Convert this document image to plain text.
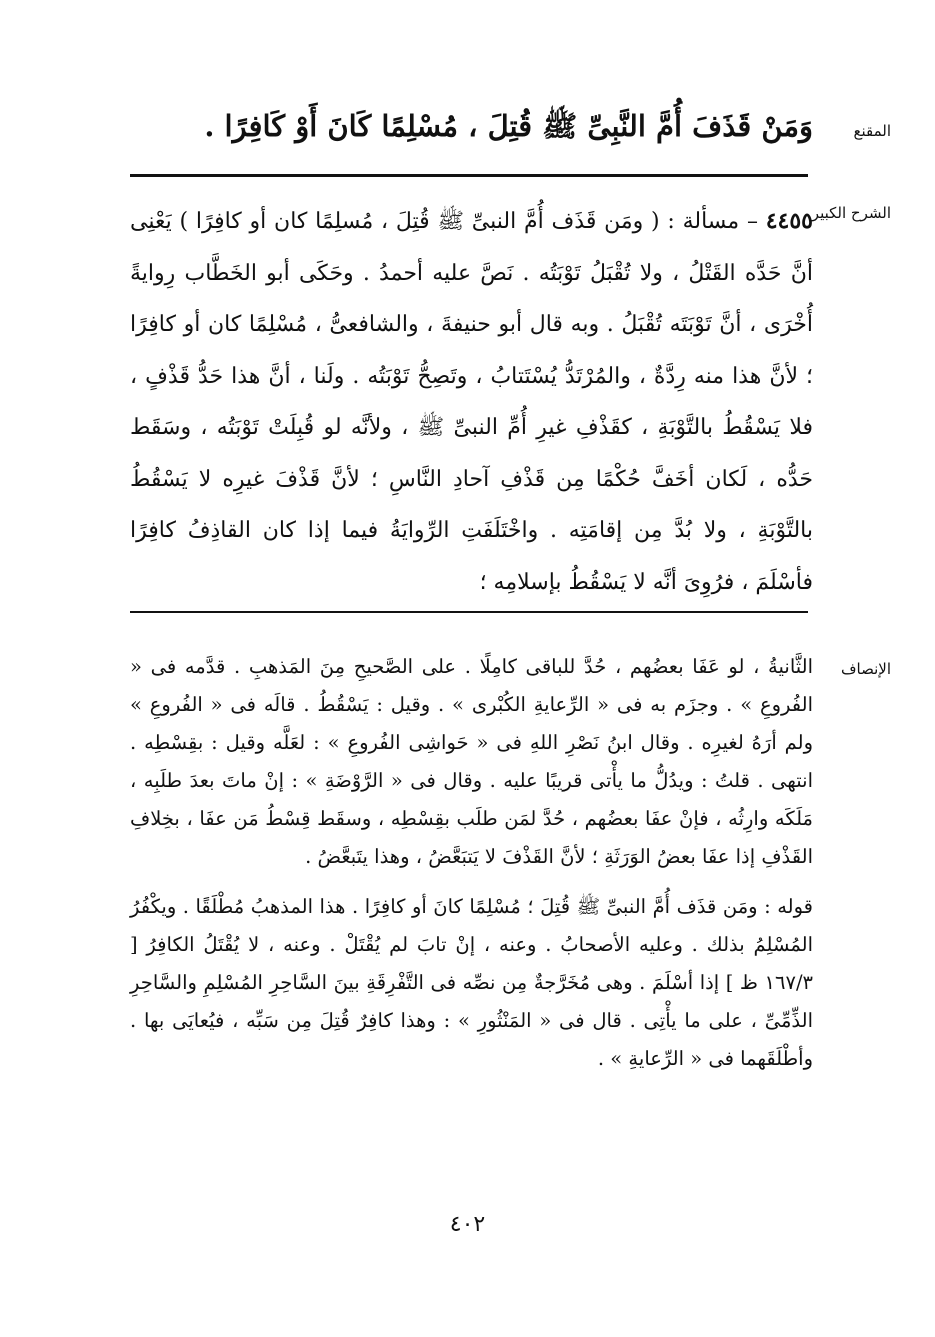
المقنع
وَمَنْ قَذَفَ أُمَّ النَّبِىِّ ﷺ قُتِلَ ، مُسْلِمًا كَانَ أَوْ كَافِرًا .
الشرح الكبير
٤٤٥٥ – مسألة : ( ومَن قَذَف أُمَّ النبىِّ ﷺ قُتِلَ ، مُسلِمًا كان أو كافِرًا ) يَعْنِى أنَّ حَدَّه القَتْلُ ، ولا تُقْبَلُ تَوْبَتُه . نَصَّ عليه أحمدُ . وحَكَى أبو الخَطَّاب رِوايةً أُخْرَى ، أنَّ تَوْبَتَه تُقْبَلُ . وبه قال أبو حنيفةَ ، والشافعىُّ ، مُسْلِمًا كان أو كافِرًا ؛ لأنَّ هذا منه رِدَّةٌ ، والمُرْتَدُّ يُسْتَتابُ ، وتَصِحُّ تَوْبَتُه . ولَنا ، أنَّ هذا حَدُّ قَذْفٍ ، فلا يَسْقُطُ بالتَّوْبَةِ ، كقَذْفِ غيرِ أُمِّ النبىِّ ﷺ ، ولأنَّه لو قُبِلَتْ تَوْبَتُه ، وسَقَط حَدُّه ، لَكان أخَفَّ حُكْمًا مِن قَذْفِ آحادِ النَّاسِ ؛ لأنَّ قَذْفَ غيرِه لا يَسْقُطُ بالتَّوْبَةِ ، ولا بُدَّ مِن إقامَتِه . واخْتَلَفَتِ الرِّوايَةُ فيما إذا كان القاذِفُ كافِرًا فأسْلَمَ ، فرُوِىَ أنَّه لا يَسْقُطُ بإسلامِه ؛
الإنصاف

الثَّانيةُ ، لو عَفَا بعضُهم ، حُدَّ للباقى كامِلًا . على الصَّحيحِ مِنَ المَذهبِ . قدَّمه فى « الفُروعِ » . وجزَم به فى « الرِّعايةِ الكُبْرى » . وقيل : يَسْقُطُ . قالَه فى « الفُروعِ » ولم أرَهُ لغيرِه . وقال ابنُ نَصْرِ اللهِ فى « حَواشِى الفُروعِ » : لعَلَّه وقيل : بقِسْطِه . انتهى . قلتُ : ويدُلُّ ما يأْتى قريبًا عليه . وقال فى « الرَّوْضَةِ » : إنْ ماتَ بعدَ طلَبِه ، مَلَكَه وارِثُه ، فإنْ عفَا بعضُهم ، حُدَّ لمَن طلَب بقِسْطِه ، وسقَط قِسْطُ مَن عفَا ، بخِلافِ القَذْفِ إذا عفَا بعضُ الوَرَثَةِ ؛ لأنَّ القَذْفَ لا يَتبَعَّضُ ، وهذا يتَبعَّضُ .

قوله : ومَن قذَف أُمَّ النبىِّ ﷺ قُتِلَ ؛ مُسْلِمًا كانَ أو كافِرًا . هذا المذهبُ مُطْلَقًا . ويكْفُرُ المُسْلِمُ بذلك . وعليه الأصحابُ . وعنه ، إنْ تابَ لم يُقْتَلْ . وعنه ، لا يُقْتَلُ الكافِرُ [ ١٦٧/٣ ظ ] إذا أسْلَمَ . وهى مُخَرَّجةٌ مِن نصِّه فى التَّفْرِقَةِ بينَ السَّاحِرِ المُسْلِمِ والسَّاحِرِ الذِّمِّىِّ ، على ما يأْتِى . قال فى « المَنْثُورِ » : وهذا كافِرٌ قُتِلَ مِن سَبِّه ، فيُعايَى بها . وأطْلَقَهما فى « الرِّعايةِ » .

٤٠٢
